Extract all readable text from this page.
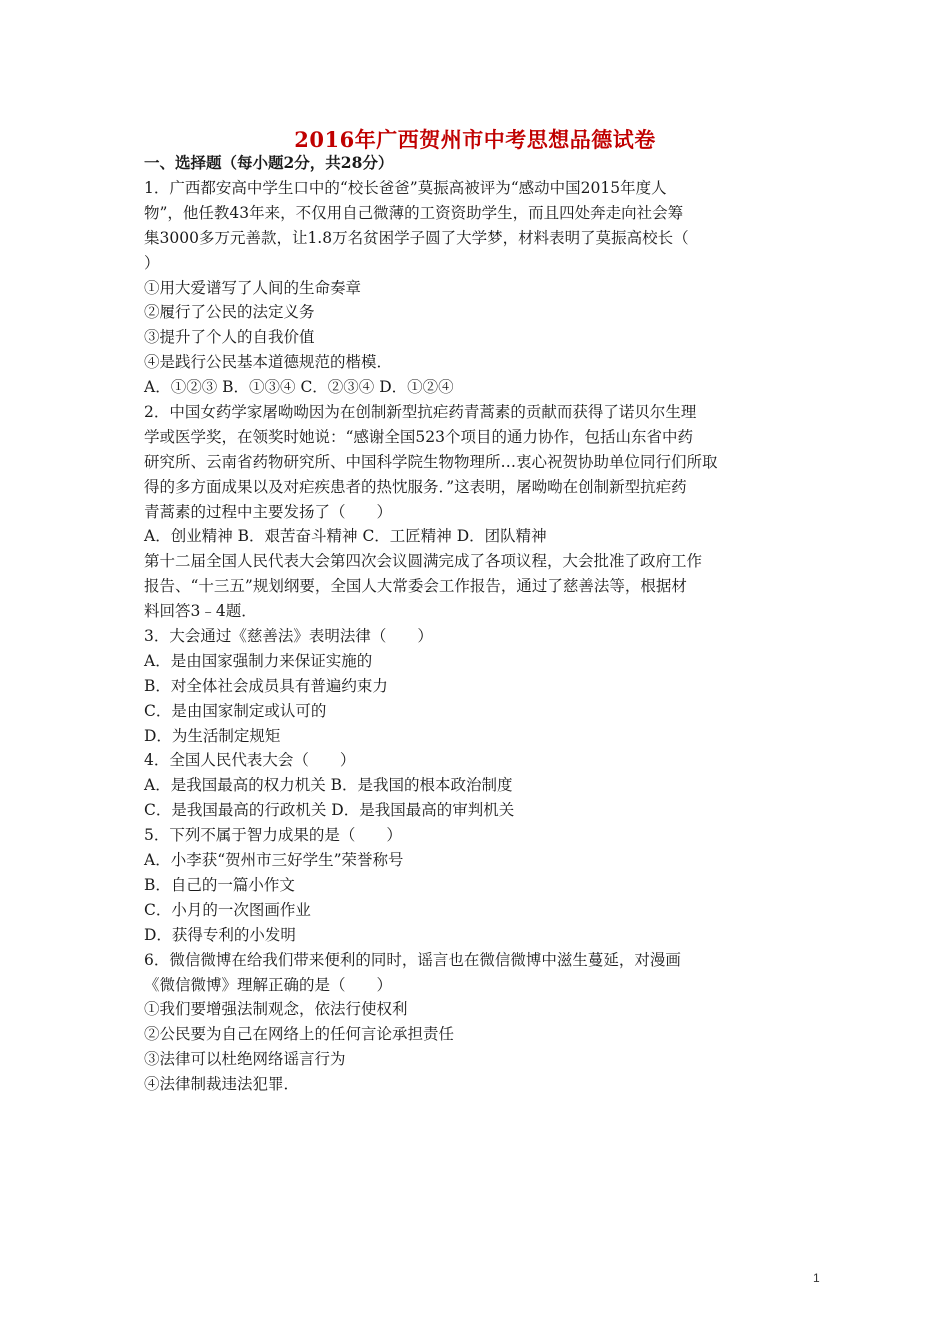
2016年广西贺州市中考思想品德试卷
一、选择题（每小题2分，共28分）
1．广西都安高中学生口中的“校长爸爸”莫振高被评为“感动中国2015年度人
物”，他任教43年来，不仅用自己微薄的工资资助学生，而且四处奔走向社会筹
集3000多万元善款，让1.8万名贫困学子圆了大学梦，材料表明了莫振高校长（
）
①用大爱谱写了人间的生命奏章
②履行了公民的法定义务
③提升了个人的自我价值
④是践行公民基本道德规范的楷模．
A．①②③ B．①③④ C．②③④ D．①②④
2．中国女药学家屠呦呦因为在创制新型抗疟药青蒿素的贡献而获得了诺贝尔生理
学或医学奖，在领奖时她说：“感谢全国523个项目的通力协作，包括山东省中药
研究所、云南省药物研究所、中国科学院生物物理所…衷心祝贺协助单位同行们所取
得的多方面成果以及对疟疾患者的热忱服务．”这表明，屠呦呦在创制新型抗疟药
青蒿素的过程中主要发扬了（　　）
A．创业精神 B．艰苦奋斗精神 C．工匠精神 D．团队精神
第十二届全国人民代表大会第四次会议圆满完成了各项议程，大会批准了政府工作
报告、“十三五”规划纲要，全国人大常委会工作报告，通过了慈善法等，根据材
料回答3﹣4题．
3．大会通过《慈善法》表明法律（　　）
A．是由国家强制力来保证实施的
B．对全体社会成员具有普遍约束力
C．是由国家制定或认可的
D．为生活制定规矩
4．全国人民代表大会（　　）
A．是我国最高的权力机关 B．是我国的根本政治制度
C．是我国最高的行政机关 D．是我国最高的审判机关
5．下列不属于智力成果的是（　　）
A．小李获“贺州市三好学生”荣誉称号
B．自己的一篇小作文
C．小月的一次图画作业
D．获得专利的小发明
6．微信微博在给我们带来便利的同时，谣言也在微信微博中滋生蔓延，对漫画
《微信微博》理解正确的是（　　）
①我们要增强法制观念，依法行使权利
②公民要为自己在网络上的任何言论承担责任
③法律可以杜绝网络谣言行为
④法律制裁违法犯罪．
1
